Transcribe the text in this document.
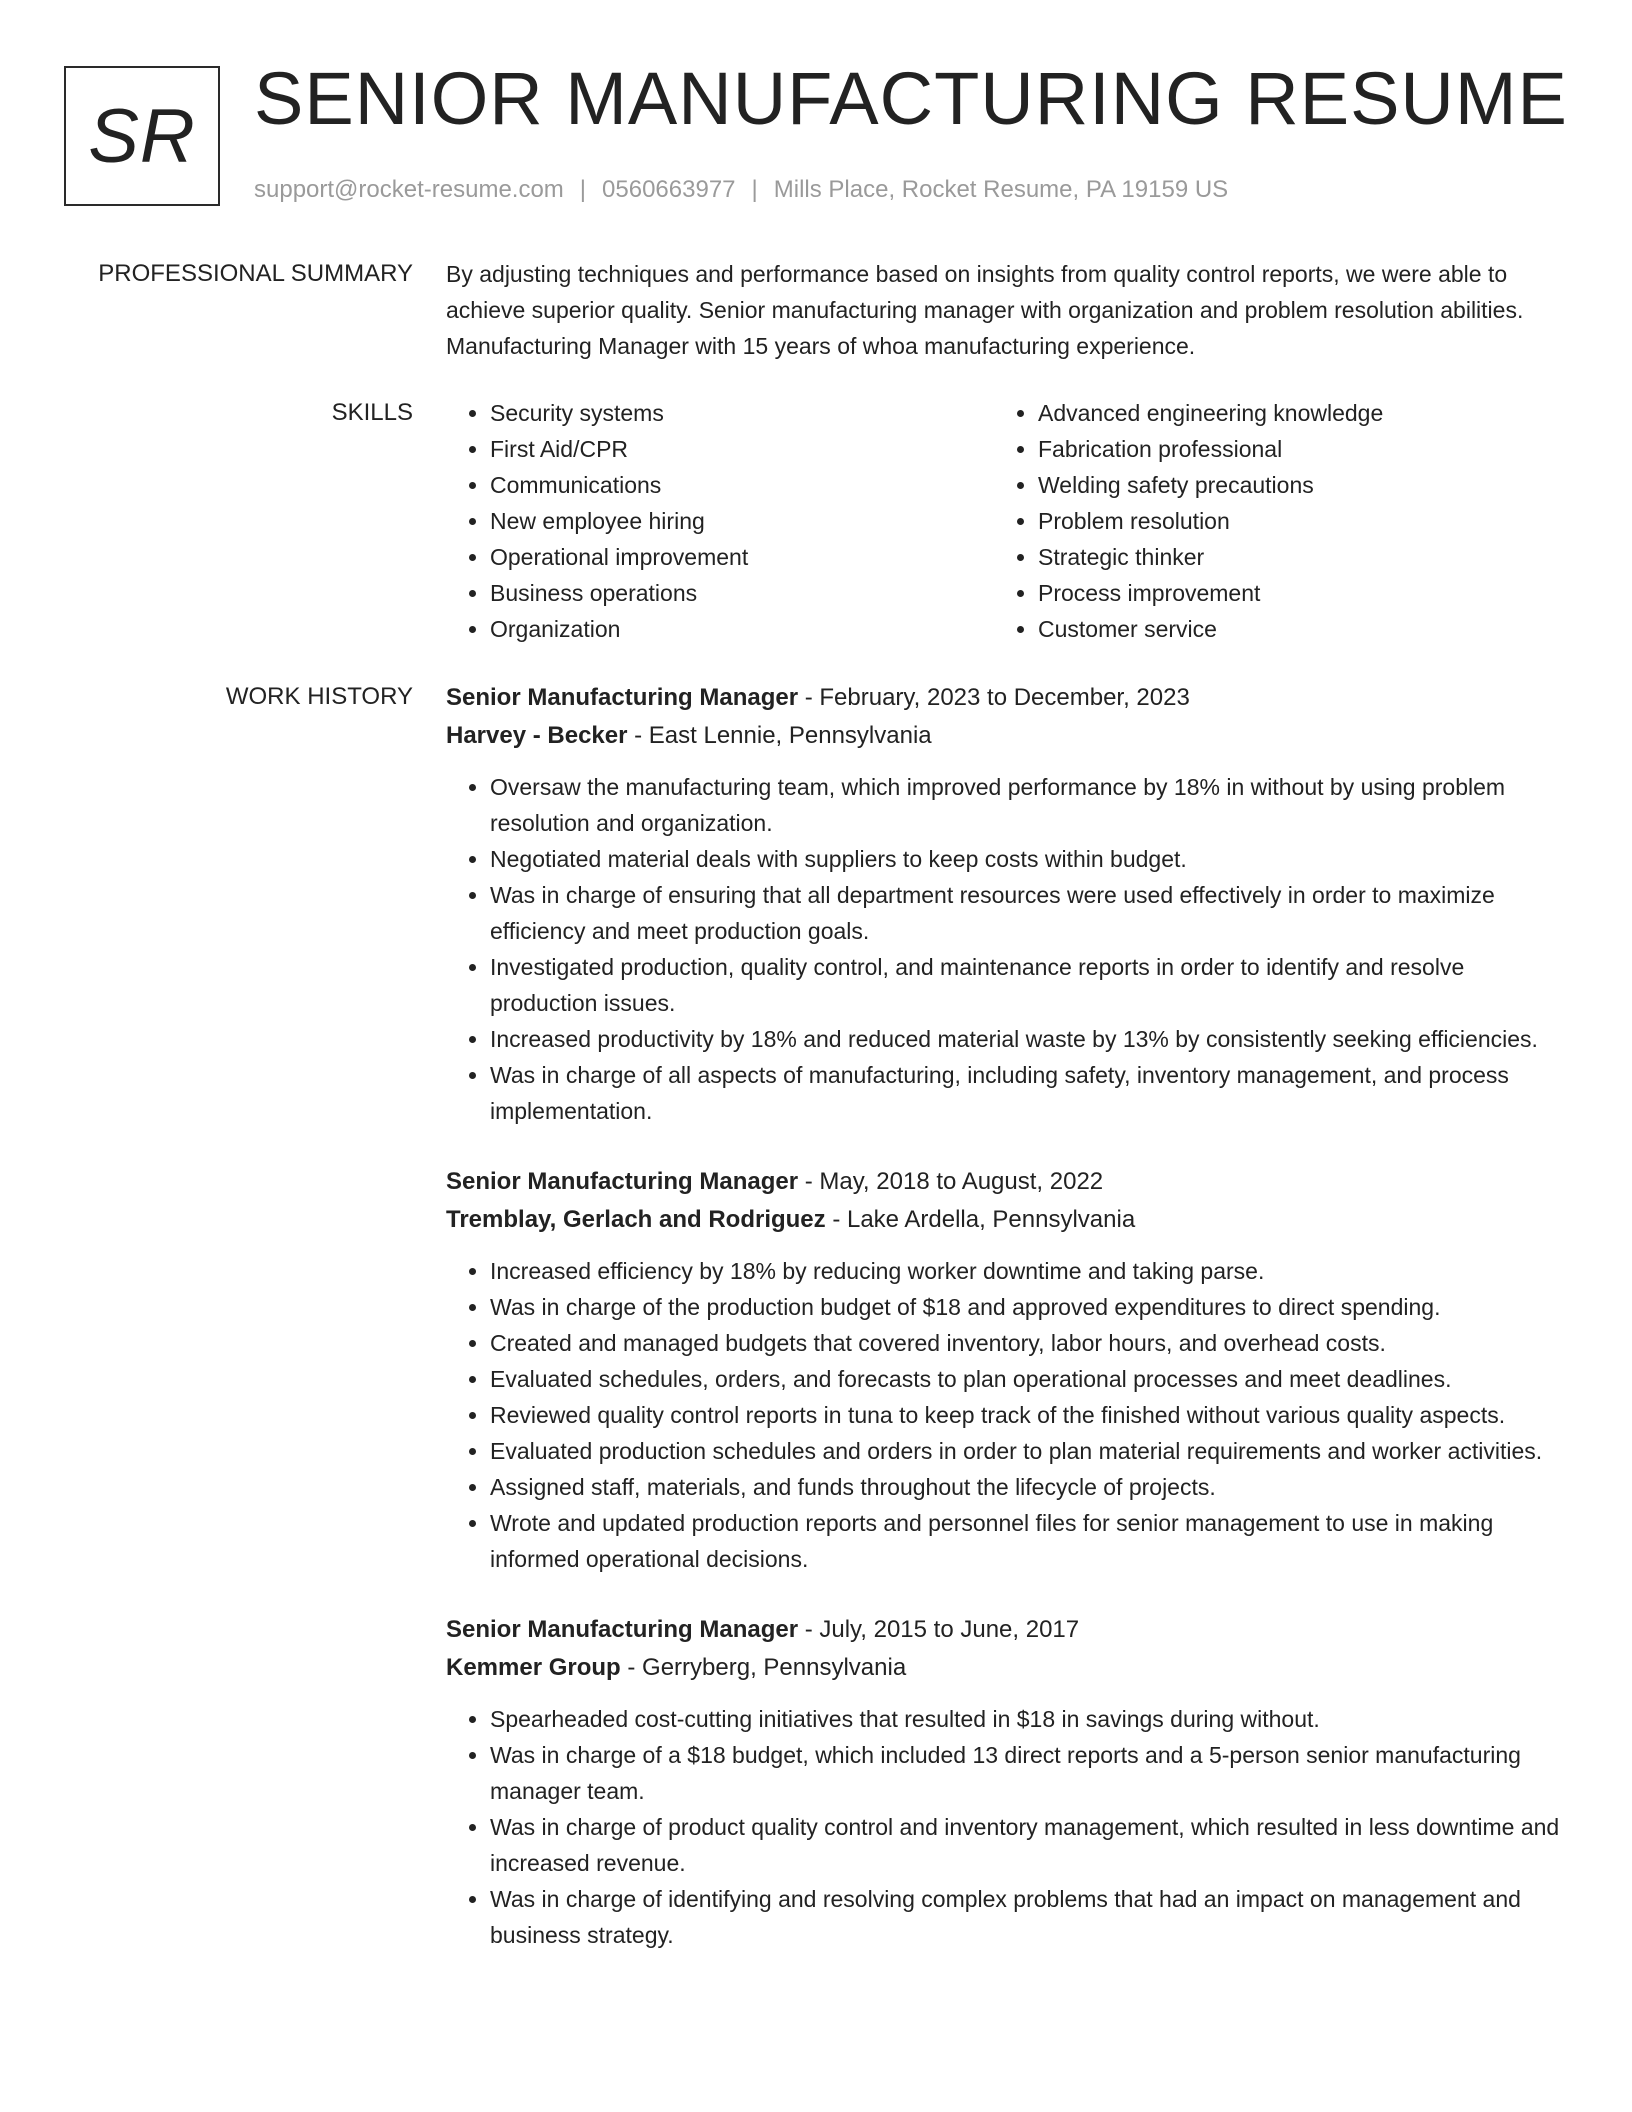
SR SENIOR MANUFACTURING RESUME
support@rocket-resume.com | 0560663977 | Mills Place, Rocket Resume, PA 19159 US
PROFESSIONAL SUMMARY By adjusting techniques and performance based on insights from quality control reports, we were able to achieve superior quality. Senior manufacturing manager with organization and problem resolution abilities. Manufacturing Manager with 15 years of whoa manufacturing experience.

SKILLS
•	Security systems
• First Aid/CPR
• Communications
• New employee hiring
• Operational improvement
• Business operations
• Organization
• Advanced engineering knowledge
• Fabrication professional
• Welding safety precautions
• Problem resolution
• Strategic thinker
• Process improvement
• Customer service
WORK HISTORY Senior Manufacturing Manager - February, 2023 to December, 2023

Harvey - Becker - East Lennie, Pennsylvania

• Oversaw the manufacturing team, which improved performance by 18% in without by using problem resolution and organization.
• Negotiated material deals with suppliers to keep costs within budget.
• Was in charge of ensuring that all department resources were used effectively in order to maximize efficiency and meet production goals.
• Investigated production, quality control, and maintenance reports in order to identify and resolve production issues.
• Increased productivity by 18% and reduced material waste by 13% by consistently seeking efficiencies.
• Was in charge of all aspects of manufacturing, including safety, inventory management, and process implementation.

Senior Manufacturing Manager - May, 2018 to August, 2022

Tremblay, Gerlach and Rodriguez - Lake Ardella, Pennsylvania

• Increased efficiency by 18% by reducing worker downtime and taking parse.
• Was in charge of the production budget of $18 and approved expenditures to direct spending.
• Created and managed budgets that covered inventory, labor hours, and overhead costs.
• Evaluated schedules, orders, and forecasts to plan operational processes and meet deadlines.
• Reviewed quality control reports in tuna to keep track of the finished without various quality aspects.
• Evaluated production schedules and orders in order to plan material requirements and worker activities.
• Assigned staff, materials, and funds throughout the lifecycle of projects.
• Wrote and updated production reports and personnel files for senior management to use in making informed operational decisions.

Senior Manufacturing Manager - July, 2015 to June, 2017

Kemmer Group - Gerryberg, Pennsylvania

• Spearheaded cost-cutting initiatives that resulted in $18 in savings during without.
• Was in charge of a $18 budget, which included 13 direct reports and a 5-person senior manufacturing manager team.
• Was in charge of product quality control and inventory management, which resulted in less downtime and increased revenue.
• Was in charge of identifying and resolving complex problems that had an impact on management and business strategy.
